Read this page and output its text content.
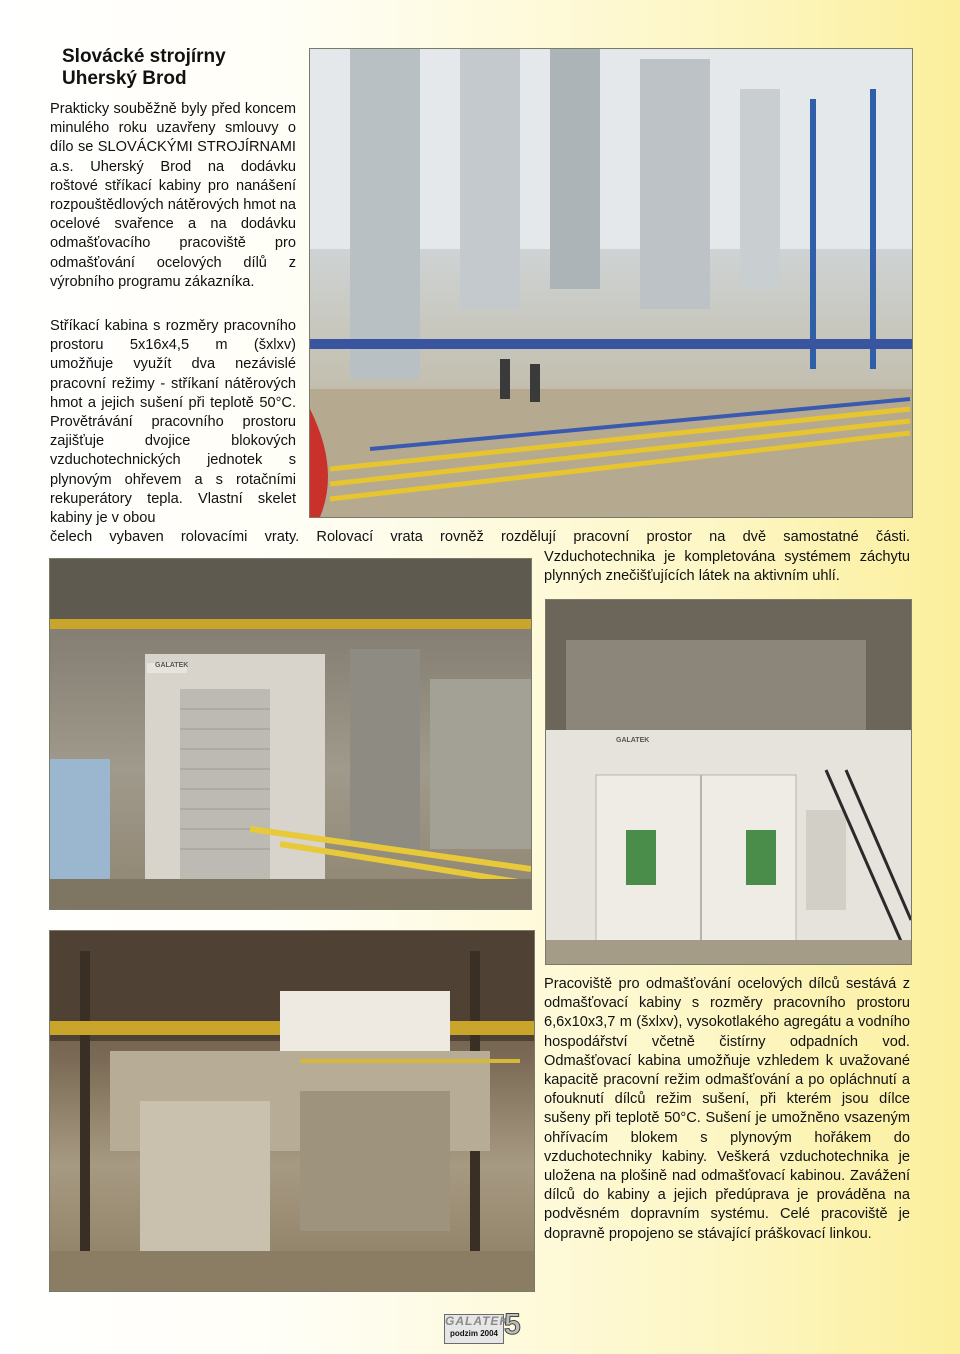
Slovácké strojírny
Uherský Brod

Prakticky souběžně byly před koncem minulého roku uzavřeny smlouvy o dílo se SLOVÁCKÝMI STROJÍRNAMI a.s. Uherský Brod na dodávku roštové stříkací kabiny pro nanášení rozpouštědlových nátěrových hmot na ocelové svařence a na dodávku odmašťovacího pracoviště pro odmašťování ocelových dílů z výrobního programu zákazníka.

Stříkací kabina s rozměry pracovního prostoru 5x16x4,5 m (šxlxv) umožňuje využít dva nezávislé pracovní režimy - stříkaní nátěrových hmot a jejich sušení při teplotě 50°C. Provětrávání pracovního prostoru zajišťuje dvojice blokových vzduchotechnických jednotek s plynovým ohřevem a s rotačními rekuperátory tepla. Vlastní skelet kabiny je v obou

čelech vybaven rolovacími vraty. Rolovací vrata rovněž rozdělují pracovní prostor na dvě samostatné části.

Vzduchotechnika je kompletována systémem záchytu plynných znečišťujících látek na aktivním uhlí.

Pracoviště pro odmašťování ocelových dílců sestává z odmašťovací kabiny s rozměry pracovního prostoru 6,6x10x3,7 m (šxlxv), vysokotlakého agregátu a vodního hospodářství včetně čistírny odpadních vod. Odmašťovací kabina umožňuje vzhledem k uvažované kapacitě pracovní režim odmašťování a po opláchnutí a ofouknutí dílců režim sušení, při kterém jsou dílce sušeny při teplotě 50°C. Sušení je umožněno vsazeným ohřívacím blokem s plynovým hořákem do vzduchotechniky kabiny. Veškerá vzduchotechnika je uložena na plošině nad odmašťovací kabinou. Zavážení dílců do kabiny a jejich předúprava je prováděna na podvěsném dopravním systému. Celé pracoviště je dopravně propojeno se stávající práškovací linkou.

GALATEK
GALATEK
GALATEK
podzim 2004 5
